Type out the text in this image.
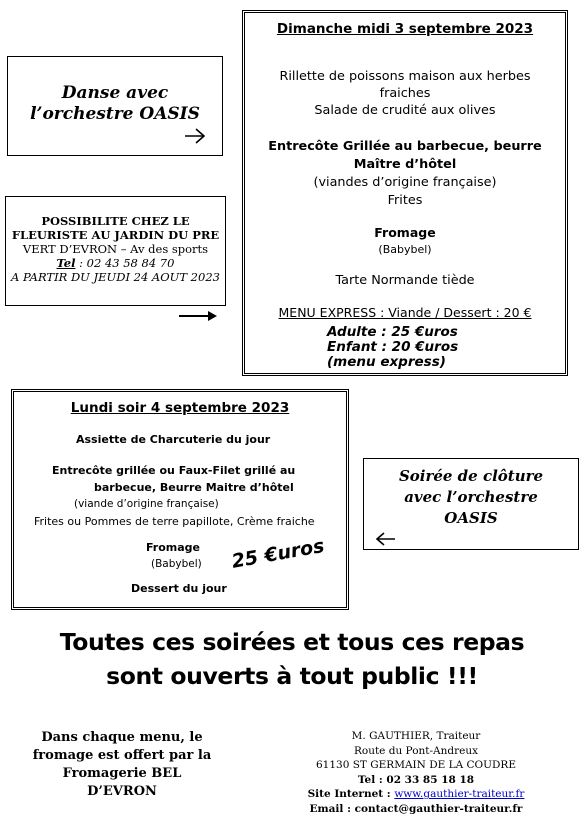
Danse avec
l’orchestre OASIS
POSSIBILITE CHEZ LE
FLEURISTE AU JARDIN DU PRE
VERT D’EVRON – Av des sports
Tel : 02 43 58 84 70
A PARTIR DU JEUDI 24 AOUT 2023
Dimanche midi 3 septembre 2023
Rillette de poissons maison aux herbes
fraiches
Salade de crudité aux olives
Entrecôte Grillée au barbecue, beurre
Maître d’hôtel
(viandes d’origine française)
Frites
Fromage
(Babybel)
Tarte Normande tiède
MENU EXPRESS : Viande / Dessert : 20 €
Adulte : 25 €uros
Enfant : 20 €uros
(menu express)
Lundi soir 4 septembre 2023
Assiette de Charcuterie du jour
Entrecôte grillée ou Faux-Filet grillé au
barbecue, Beurre Maitre d’hôtel
(viande d’origine française)
Frites ou Pommes de terre papillote, Crème fraiche
Fromage
(Babybel)
Dessert du jour
25 €uros
Soirée de clôture
avec l’orchestre
OASIS
Toutes ces soirées et tous ces repas
sont ouverts à tout public !!!
Dans chaque menu, le
fromage est offert par la
Fromagerie BEL
D’EVRON
M. GAUTHIER, Traiteur
Route du Pont-Andreux
61130 ST GERMAIN DE LA COUDRE
Tel : 02 33 85 18 18
Site Internet : www.gauthier-traiteur.fr
Email : contact@gauthier-traiteur.fr
